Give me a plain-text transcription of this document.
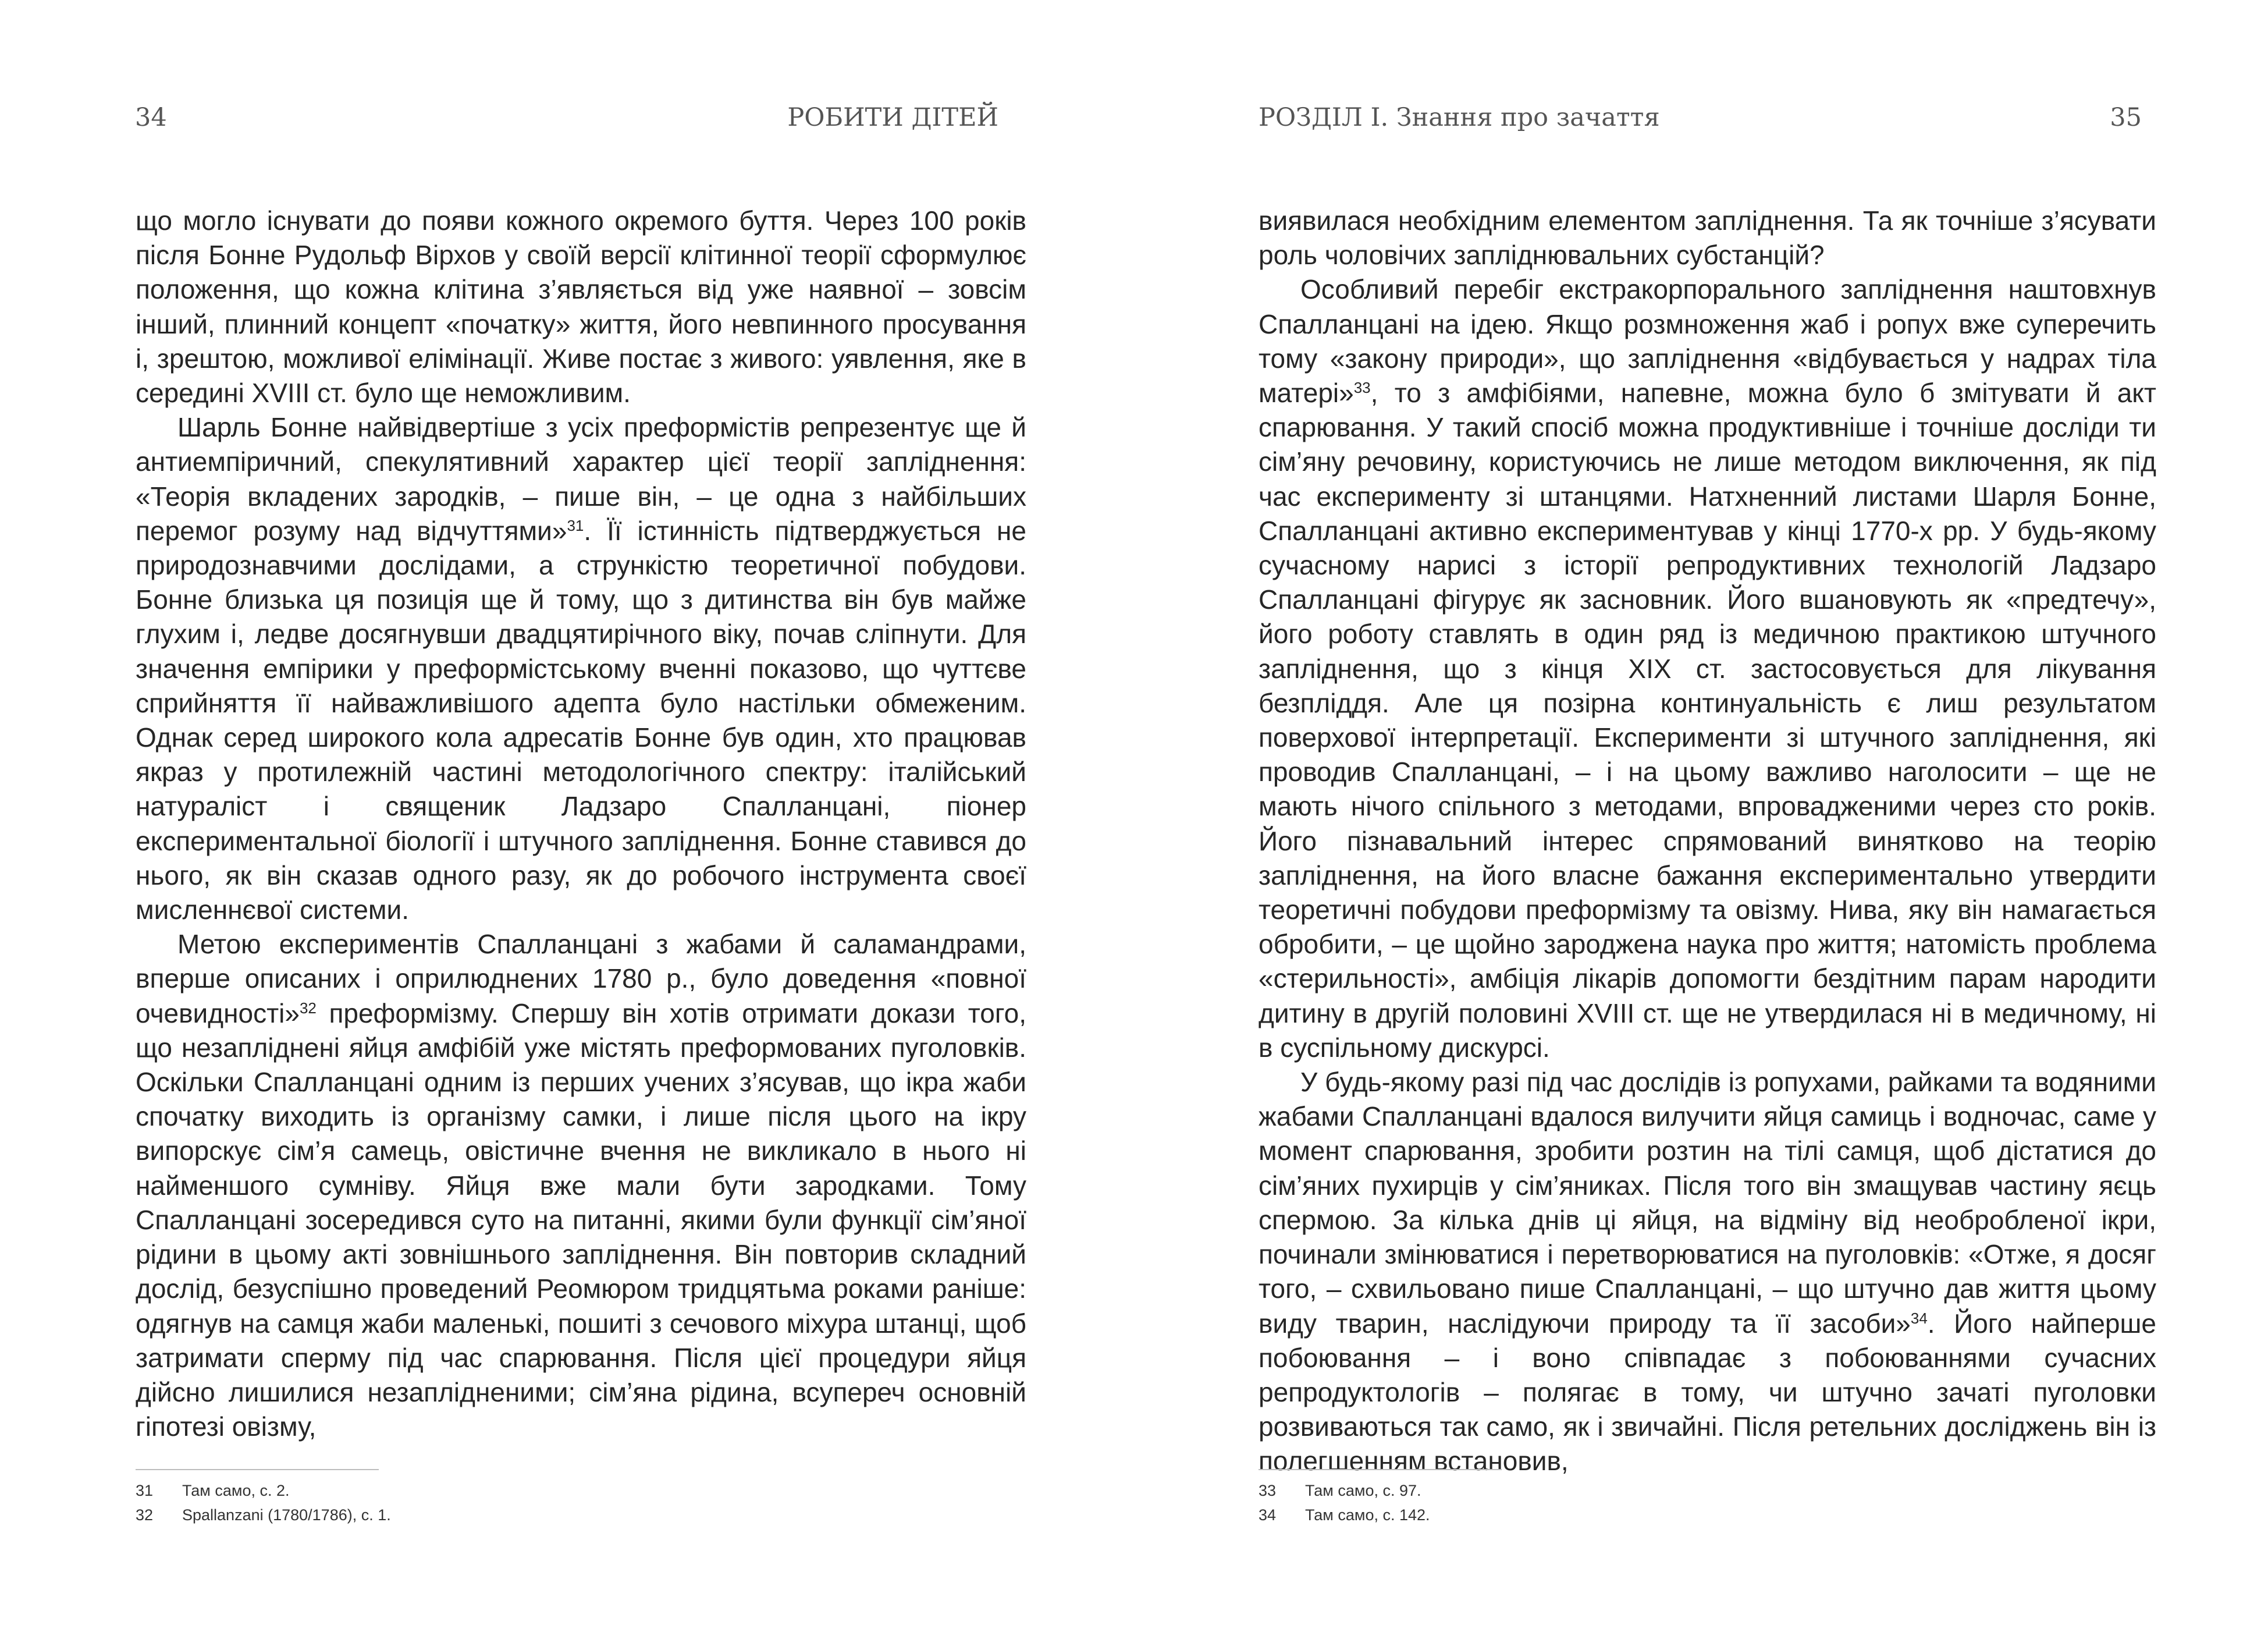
34	РОБИТИ ДІТЕЙ

що могло існувати до появи кожного окремого буття. Через 100 років після Бонне Рудольф Вірхов у своїй версії клітинної теорії сформулює положення, що кожна клітина з’являється від уже наявної – зовсім інший, плинний концепт «початку» життя, його невпинного просування і, зрештою, можливої елімінації. Живе постає з живого: уявлення, яке в середині XVIII ст. було ще неможливим.

Шарль Бонне найвідвертіше з усіх преформістів репрезентує ще й антиемпіричний, спекулятивний характер цієї теорії запліднення: «Теорія вкладених зародків, – пише він, – це одна з найбільших перемог розуму над відчуттями»$^{31}$. Її істинність підтверджується не природознавчими дослідами, а стрункістю теоретичної побудови. Бонне близька ця позиція ще й тому, що з дитинства він був майже глухим і, ледве досягнувши двадцятирічного віку, почав сліпнути. Для значення емпірики у преформістському вченні показово, що чуттєве сприйняття її найважливішого адепта було настільки обмеженим. Однак серед широкого кола адресатів Бонне був один, хто працював якраз у протилежній частині методологічного спектру: італійський натураліст і священик Ладзаро Спалланцані, піонер експериментальної біології і штучного запліднення. Бонне ставився до нього, як він сказав одного разу, як до робочого інструмента своєї мисленнєвої системи.

Метою експериментів Спалланцані з жабами й саламандрами, вперше описаних і оприлюднених 1780 р., було доведення «повної очевидності»$^{32}$ преформізму. Спершу він хотів отримати докази того, що незапліднені яйця амфібій уже містять преформованих пуголовків. Оскільки Спалланцані одним із перших учених з’ясував, що ікра жаби спочатку виходить із організму самки, і лише після цього на ікру випорскує сім’я самець, овістичне вчення не викликало в нього ні найменшого сумніву. Яйця вже мали бути зародками. Тому Спалланцані зосередився суто на питанні, якими були функції сім’яної рідини в цьому акті зовнішнього запліднення. Він повторив складний дослід, безуспішно проведений Реомюром тридцятьма роками раніше: одягнув на самця жаби маленькі, пошиті з сечового міхура штанці, щоб затримати сперму під час спарювання. Після цієї процедури яйця дійсно лишилися незаплідненими; сім’яна рідина, всупереч основній гіпотезі овізму,

31	Там само, с. 2.
32	Spallanzani (1780/1786), с. 1.
РОЗДІЛ І. Знання про зачаття	35

виявилася необхідним елементом запліднення. Та як точніше з’ясувати роль чоловічих запліднювальних субстанцій?

Особливий перебіг екстракорпорального запліднення наштовхнув Спалланцані на ідею. Якщо розмноження жаб і ропух вже суперечить тому «закону природи», що запліднення «відбувається у надрах тіла матері»$^{33}$, то з амфібіями, напевне, можна було б змітувати й акт спарювання. У такий спосіб можна продуктивніше і точніше досліди ти сім’яну речовину, користуючись не лише методом виключення, як під час експерименту зі штанцями. Натхненний листами Шарля Бонне, Спалланцані активно експериментував у кінці 1770-х рр. У будь-якому сучасному нарисі з історії репродуктивних технологій Ладзаро Спалланцані фігурує як засновник. Його вшановують як «предтечу», його роботу ставлять в один ряд із медичною практикою штучного запліднення, що з кінця XIX ст. застосовується для лікування безпліддя. Але ця позірна континуальність є лиш результатом поверхової інтерпретації. Експерименти зі штучного запліднення, які проводив Спалланцані, – і на цьому важливо наголосити – ще не мають нічого спільного з методами, впровадженими через сто років. Його пізнавальний інтерес спрямований винятково на теорію запліднення, на його власне бажання експериментально утвердити теоретичні побудови преформізму та овізму. Нива, яку він намагається обробити, – це щойно зароджена наука про життя; натомість проблема «стерильності», амбіція лікарів допомогти бездітним парам народити дитину в другій половині XVIII ст. ще не утвердилася ні в медичному, ні в суспільному дискурсі.

У будь-якому разі під час дослідів із ропухами, райками та водяними жабами Спалланцані вдалося вилучити яйця самиць і водночас, саме у момент спарювання, зробити розтин на тілі самця, щоб дістатися до сім’яних пухирців у сім’яниках. Після того він змащував частину яєць спермою. За кілька днів ці яйця, на відміну від необробленої ікри, починали змінюватися і перетворюватися на пуголовків: «Отже, я досяг того, – схвильовано пише Спалланцані, – що штучно дав життя цьому виду тварин, наслідуючи природу та її засоби»$^{34}$. Його найперше побоювання – і воно співпадає з побоюваннями сучасних репродуктологів – полягає в тому, чи штучно зачаті пуголовки розвиваються так само, як і звичайні. Після ретельних досліджень він із полегшенням встановив,

33	Там само, с. 97.
34	Там само, с. 142.
